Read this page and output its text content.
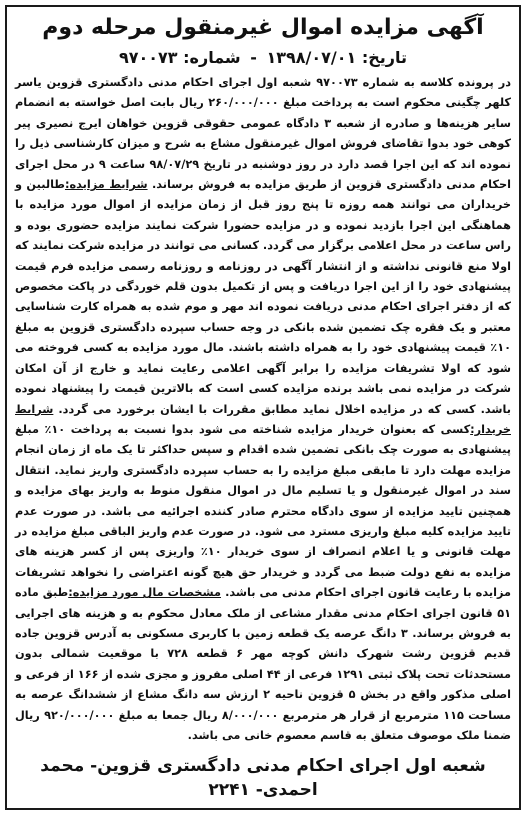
آگهی مزایده اموال غیرمنقول مرحله دوم
تاریخ: ۱۳۹۸/۰۷/۰۱ - شماره: ۹۷۰۰۷۳

در پرونده کلاسه به شماره ۹۷۰۰۷۳ شعبه اول اجرای احکام مدنی دادگستری قزوین یاسر کلهر چگینی محکوم است به پرداخت مبلغ ۲۶۰/۰۰۰/۰۰۰ ریال بابت اصل خواسته به انضمام سایر هزینه‌ها و صادره از شعبه ۳ دادگاه عمومی حقوقی قزوین خواهان ایرج نصیری پیر کوهی خود بدوا تقاضای فروش اموال غیرمنقول مشاع به شرح و میزان کارشناسی ذیل را نموده اند که این اجرا قصد دارد در روز دوشنبه در تاریخ ۹۸/۰۷/۲۹ ساعت ۹ در محل اجرای احکام مدنی دادگستری قزوین از طریق مزایده به فروش برساند. شرایط مزایده:طالبین و خریداران می توانند همه روزه تا پنج روز قبل از زمان مزایده از اموال مورد مزایده با هماهنگی این اجرا بازدید نموده و در مزایده حضورا شرکت نمایند مزایده حضوری بوده و راس ساعت در محل اعلامی برگزار می گردد. کسانی می توانند در مزایده شرکت نمایند که اولا منع قانونی نداشته و از انتشار آگهی در روزنامه و روزنامه رسمی مزایده فرم قیمت پیشنهادی خود را از این اجرا دریافت و پس از تکمیل بدون قلم خوردگی در پاکت مخصوص که از دفتر اجرای احکام مدنی دریافت نموده اند مهر و موم شده به همراه کارت شناسایی معتبر و یک فقره چک تضمین شده بانکی در وجه حساب سپرده دادگستری قزوین به مبلغ ۱۰٪ قیمت پیشنهادی خود را به همراه داشته باشند. مال مورد مزایده به کسی فروخته می شود که اولا تشریفات مزایده را برابر آگهی اعلامی رعایت نماید و خارج از آن امکان شرکت در مزایده نمی باشد برنده مزایده کسی است که بالاترین قیمت را پیشنهاد نموده باشد. کسی که در مزایده اخلال نماید مطابق مقررات با ایشان برخورد می گردد. شرایط خریدار:کسی که بعنوان خریدار مزایده شناخته می شود بدوا نسبت به پرداخت ۱۰٪ مبلغ پیشنهادی به صورت چک بانکی تضمین شده اقدام و سپس حداکثر تا یک ماه از زمان انجام مزایده مهلت دارد تا مابقی مبلغ مزایده را به حساب سپرده دادگستری واریز نماید. انتقال سند در اموال غیرمنقول و یا تسلیم مال در اموال منقول منوط به واریز بهای مزایده و همچنین تایید مزایده از سوی دادگاه محترم صادر کننده اجرائیه می باشد. در صورت عدم تایید مزایده کلیه مبلغ واریزی مسترد می شود. در صورت عدم واریز الباقی مبلغ مزایده در مهلت قانونی و یا اعلام انصراف از سوی خریدار ۱۰٪ واریزی پس از کسر هزینه های مزایده به نفع دولت ضبط می گردد و خریدار حق هیچ گونه اعتراضی را نخواهد تشریفات مزایده با رعایت قانون اجرای احکام مدنی می باشد. مشخصات مال مورد مزایده:طبق ماده ۵۱ قانون اجرای احکام مدنی مقدار مشاعی از ملک معادل محکوم به و هزینه های اجرایی به فروش برساند. ۳ دانگ عرصه یک قطعه زمین با کاربری مسکونی به آدرس قزوین جاده قدیم قزوین رشت شهرک دانش کوچه مهر ۶ قطعه ۷۲۸ با موقعیت شمالی بدون مستحدثات تحت پلاک ثبتی ۱۲۹۱ فرعی از ۴۴ اصلی مفروز و مجزی شده از ۱۶۶ از فرعی و اصلی مذکور واقع در بخش ۵ قزوین ناحیه ۲ ارزش سه دانگ مشاع از ششدانگ عرصه به مساحت ۱۱۵ مترمربع از قرار هر مترمربع ۸/۰۰۰/۰۰۰ ریال جمعا به مبلغ ۹۲۰/۰۰۰/۰۰۰ ریال ضمنا ملک موصوف متعلق به قاسم معصوم خانی می باشد.

شعبه اول اجرای احکام مدنی دادگستری قزوین- محمد احمدی- ۲۲۴۱
